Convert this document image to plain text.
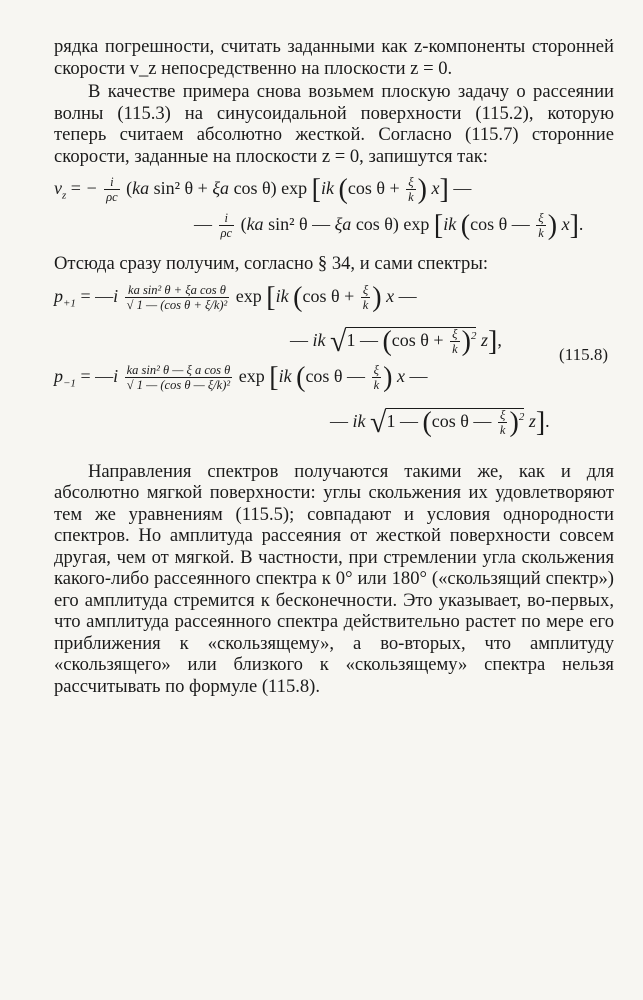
рядка погрешности, считать заданными как z-компоненты сторонней скорости v_z непосредственно на плоскости z = 0.

В качестве примера снова возьмем плоскую задачу о рассеянии волны (115.3) на синусоидальной поверхности (115.2), которую теперь считаем абсолютно жесткой. Согласно (115.7) сторонние скорости, заданные на плоскости z = 0, запишутся так:

$v_z$ = − $\frac{i}{\rho c} (ka$ sin² θ + ξa cos θ) exp [ik (cos $\theta + \frac{\xi}{k}$ ) x] —
— $\frac{i}{\rho c} (ka$ sin² θ — ξa cos θ) exp [ik (cos θ — $\frac{\xi}{k}$ ) x].

Отсюда сразу получим, согласно § 34, и сами спектры:

$p_{+1}$ = —i $\frac{\text{ka sin² θ + ξa cos θ}}{\text{√ 1 — (cos θ + ξ/k)²}}$ exp [ik (cos $\theta + \frac{\xi}{k}$ ) x —
— ik √1 — (cos $\theta + \frac{\xi}{k} )^2$ z],
(115.8)
$p_{-1}$ = —i $\frac{\text{ka sin² θ — ξ a cos θ}}{\text{√ 1 — (cos θ — ξ/k)²}}$ exp [ik (cos θ — $\frac{\xi}{k}$ ) x —
— ik √1 — (cos θ — $\frac{\xi}{k} )^2$ z].

Направления спектров получаются такими же, как и для абсолютно мягкой поверхности: углы скольжения их удовлетворяют тем же уравнениям (115.5); совпадают и условия однородности спектров. Но амплитуда рассеяния от жесткой поверхности совсем другая, чем от мягкой. В частности, при стремлении угла скольжения какого-либо рассеянного спектра к 0° или 180° («скользящий спектр») его амплитуда стремится к бесконечности. Это указывает, во-первых, что амплитуда рассеянного спектра действительно растет по мере его приближения к «скользящему», а во-вторых, что амплитуду «скользящего» или близкого к «скользящему» спектра нельзя рассчитывать по формуле (115.8).
